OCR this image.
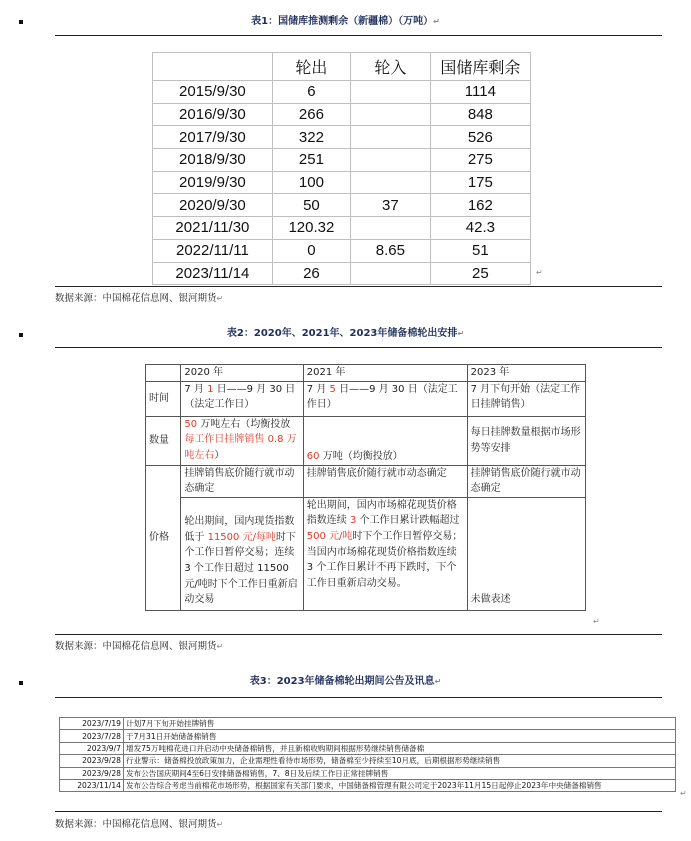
表1：国储库推测剩余（新疆棉）（万吨）↵
	轮出	轮入	国储库剩余
2015/9/30	6		1114
2016/9/30	266		848
2017/9/30	322		526
2018/9/30	251		275
2019/9/30	100		175
2020/9/30	50	37	162
2021/11/30	120.32		42.3
2022/11/11	0	8.65	51
2023/11/14	26		25	↵
数据来源：中国棉花信息网、银河期货↵
表2：2020年、2021年、2023年储备棉轮出安排↵
	2020 年	2021 年	2023 年
时间	7 月 1 日——9 月 30 日（法定工作日）	7 月 5 日——9 月 30 日（法定工作日）	7 月下旬开始（法定工作日挂牌销售）
数量	50 万吨左右（均衡投放每工作日挂牌销售 0.8 万吨左右）	60 万吨（均衡投放）	每日挂牌数量根据市场形势等安排
价格	挂牌销售底价随行就市动态确定	挂牌销售底价随行就市动态确定	挂牌销售底价随行就市动态确定
	轮出期间，国内现货指数低于 11500 元/每吨时下个工作日暂停交易；连续 3 个工作日超过 11500 元/吨时下个工作日重新启动交易	轮出期间，国内市场棉花现货价格指数连续 3 个工作日累计跌幅超过 500 元/吨时下个工作日暂停交易；当国内市场棉花现货价格指数连续 3 个工作日累计不再下跌时，下个工作日重新启动交易。	未做表述
↵
数据来源：中国棉花信息网、银河期货↵
表3：2023年储备棉轮出期间公告及讯息↵
2023/7/19	计划7月下旬开始挂牌销售
2023/7/28	于7月31日开始储备棉销售
2023/9/7	增发75万吨棉花进口并启动中央储备棉销售，并且新棉收购期间根据形势继续销售储备棉
2023/9/28	行业警示：储备棉投放政策加力，企业需理性看待市场形势，储备棉至少持续至10月底，后期根据形势继续销售
2023/9/28	发布公告国庆期间4至6日安排储备棉销售，7、8日及后续工作日正常挂牌销售
2023/11/14	发布公告综合考虑当前棉花市场形势，根据国家有关部门要求，中国储备棉管理有限公司定于2023年11月15日起停止2023年中央储备棉销售
↵
数据来源：中国棉花信息网、银河期货↵
